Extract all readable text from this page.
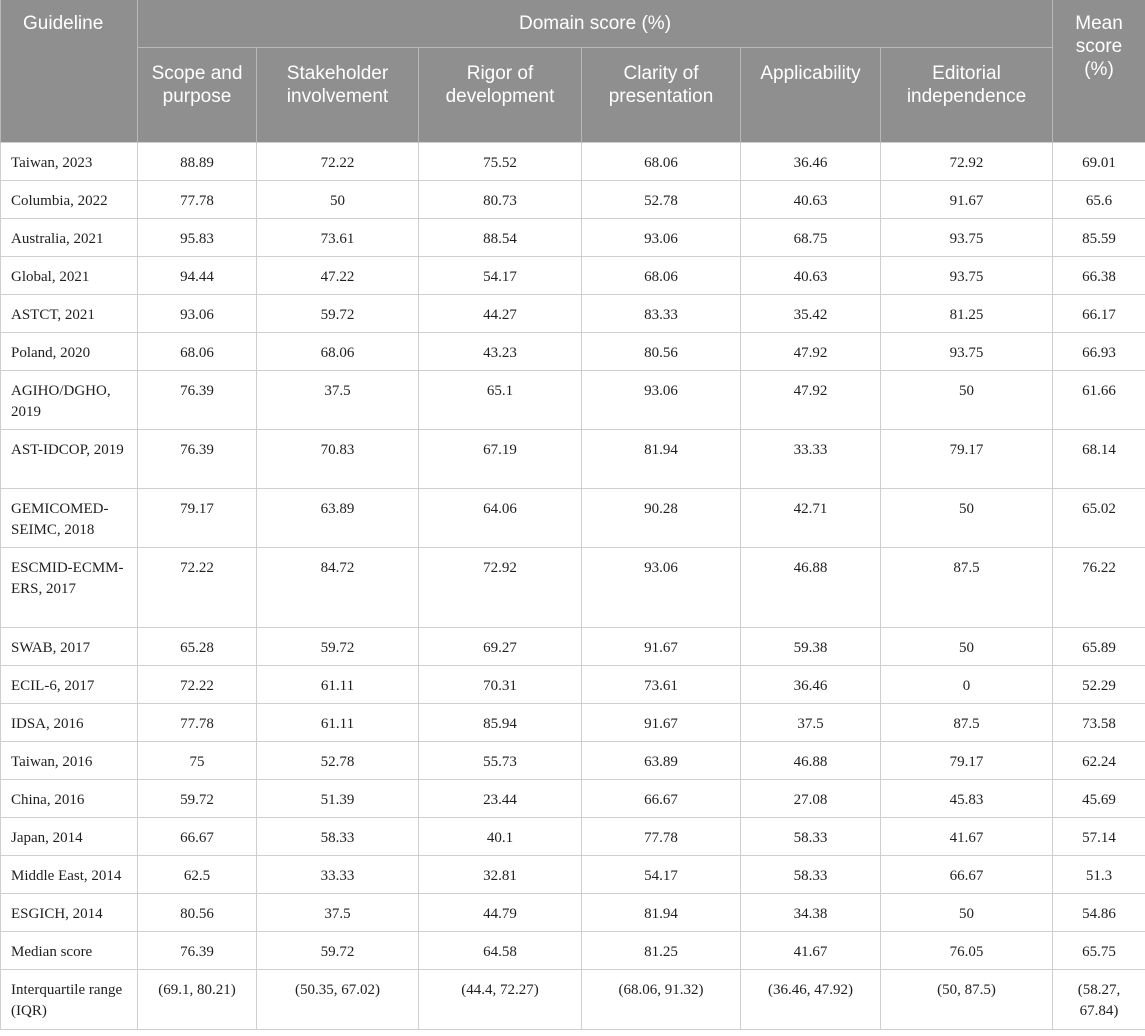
Guideline	Domain score (%)						Mean score (%)
	Scope and purpose	Stakeholder involvement	Rigor of development	Clarity of presentation	Applicability	Editorial independence	
Taiwan, 2023	88.89	72.22	75.52	68.06	36.46	72.92	69.01
Columbia, 2022	77.78	50	80.73	52.78	40.63	91.67	65.6
Australia, 2021	95.83	73.61	88.54	93.06	68.75	93.75	85.59
Global, 2021	94.44	47.22	54.17	68.06	40.63	93.75	66.38
ASTCT, 2021	93.06	59.72	44.27	83.33	35.42	81.25	66.17
Poland, 2020	68.06	68.06	43.23	80.56	47.92	93.75	66.93
AGIHO/DGHO, 2019	76.39	37.5	65.1	93.06	47.92	50	61.66
AST-IDCOP, 2019	76.39	70.83	67.19	81.94	33.33	79.17	68.14
GEMICOMED-SEIMC, 2018	79.17	63.89	64.06	90.28	42.71	50	65.02
ESCMID-ECMM-ERS, 2017	72.22	84.72	72.92	93.06	46.88	87.5	76.22
SWAB, 2017	65.28	59.72	69.27	91.67	59.38	50	65.89
ECIL-6, 2017	72.22	61.11	70.31	73.61	36.46	0	52.29
IDSA, 2016	77.78	61.11	85.94	91.67	37.5	87.5	73.58
Taiwan, 2016	75	52.78	55.73	63.89	46.88	79.17	62.24
China, 2016	59.72	51.39	23.44	66.67	27.08	45.83	45.69
Japan, 2014	66.67	58.33	40.1	77.78	58.33	41.67	57.14
Middle East, 2014	62.5	33.33	32.81	54.17	58.33	66.67	51.3
ESGICH, 2014	80.56	37.5	44.79	81.94	34.38	50	54.86
Median score	76.39	59.72	64.58	81.25	41.67	76.05	65.75
Interquartile range (IQR)	(69.1, 80.21)	(50.35, 67.02)	(44.4, 72.27)	(68.06, 91.32)	(36.46, 47.92)	(50, 87.5)	(58.27, 67.84)
